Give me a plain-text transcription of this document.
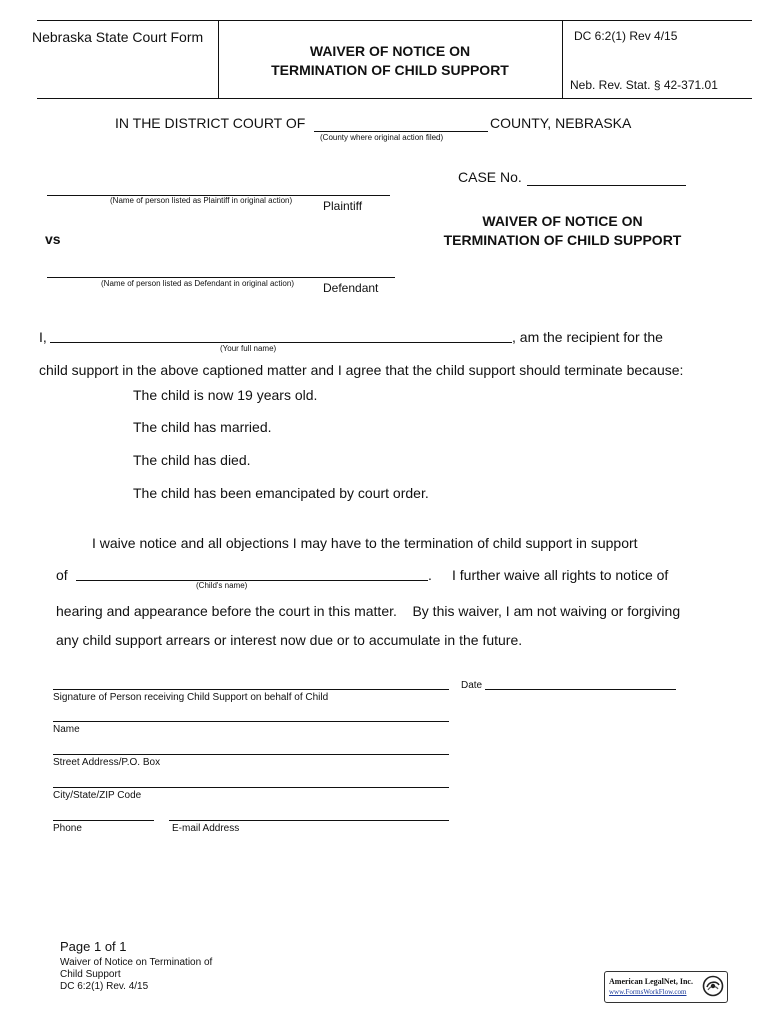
Nebraska State Court Form
WAIVER OF NOTICE ON
TERMINATION OF CHILD SUPPORT
DC 6:2(1) Rev 4/15
Neb. Rev. Stat. § 42-371.01
IN THE DISTRICT COURT OF	COUNTY, NEBRASKA
(County where original action filed)
CASE No.
(Name of person listed as Plaintiff in original action)	Plaintiff
vs
WAIVER OF NOTICE ON
TERMINATION OF CHILD SUPPORT
(Name of person listed as Defendant in original action) Defendant
I,	, am the recipient for the
(Your full name)
child support in the above captioned matter and I agree that the child support should terminate because:
The child is now 19 years old.
The child has married.
The child has died.
The child has been emancipated by court order.
I waive notice and all objections I may have to the termination of child support in support
of	. I further waive all rights to notice of
(Child's name)
hearing and appearance before the court in this matter.    By this waiver, I am not waiving or forgiving
any child support arrears or interest now due or to accumulate in the future.
Date
Signature of Person receiving Child Support on behalf of Child
Name
Street Address/P.O. Box
City/State/ZIP Code
Phone	E-mail Address
Page 1 of 1
Waiver of Notice on Termination of
Child Support
DC 6:2(1) Rev. 4/15	American LegalNet, Inc.
www.FormsWorkFlow.com
